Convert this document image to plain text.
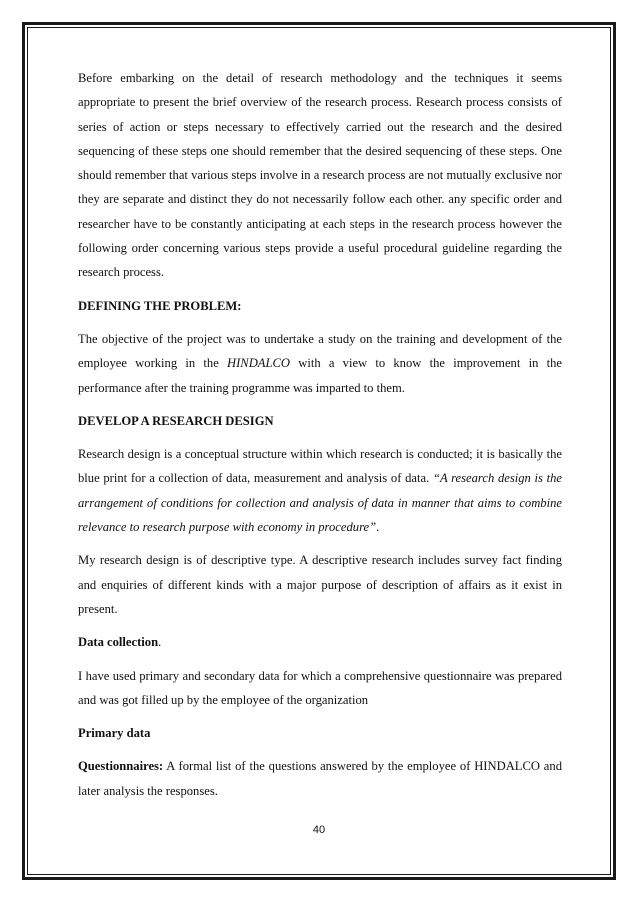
Before embarking on the detail of research methodology and the techniques it seems appropriate to present the brief overview of the research process. Research process consists of series of action or steps necessary to effectively carried out the research and the desired sequencing of these steps one should remember that the desired sequencing of these steps. One should remember that various steps involve in a research process are not mutually exclusive nor they are separate and distinct they do not necessarily follow each other. any specific order and researcher have to be constantly anticipating at each steps in the research process however the following order concerning various steps provide a useful procedural guideline regarding the research process.

DEFINING THE PROBLEM:

The objective of the project was to undertake a study on the training and development of the employee working in the HINDALCO with a view to know the improvement in the performance after the training programme was imparted to them.

DEVELOP A RESEARCH DESIGN

Research design is a conceptual structure within which research is conducted; it is basically the blue print for a collection of data, measurement and analysis of data. “A research design is the arrangement of conditions for collection and analysis of data in manner that aims to combine relevance to research purpose with economy in procedure”.

My research design is of descriptive type. A descriptive research includes survey fact finding and enquiries of different kinds with a major purpose of description of affairs as it exist in present.

Data collection.

I have used primary and secondary data for which a comprehensive questionnaire was prepared and was got filled up by the employee of the organization

Primary data

Questionnaires: A formal list of the questions answered by the employee of HINDALCO and later analysis the responses.

40
